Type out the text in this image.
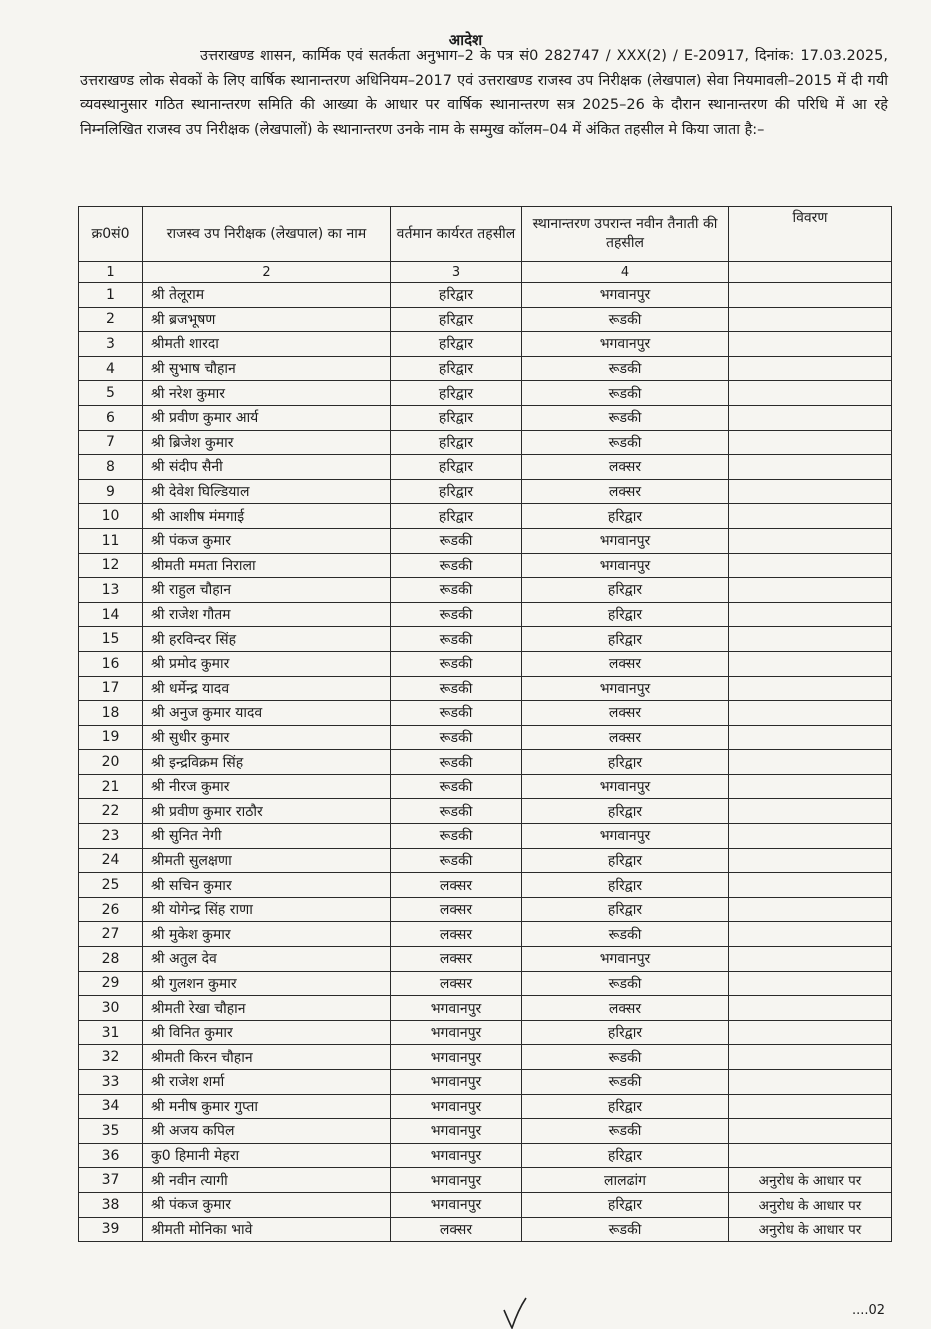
आदेश

उत्तराखण्ड शासन, कार्मिक एवं सतर्कता अनुभाग–2 के पत्र सं0 282747 / XXX(2) / E-20917, दिनांक: 17.03.2025, उत्तराखण्ड लोक सेवकों के लिए वार्षिक स्थानान्तरण अधिनियम–2017 एवं उत्तराखण्ड राजस्व उप निरीक्षक (लेखपाल) सेवा नियमावली–2015 में दी गयी व्यवस्थानुसार गठित स्थानान्तरण समिति की आख्या के आधार पर वार्षिक स्थानान्तरण सत्र 2025–26 के दौरान स्थानान्तरण की परिधि में आ रहे निम्नलिखित राजस्व उप निरीक्षक (लेखपालों) के स्थानान्तरण उनके नाम के सम्मुख कॉलम–04 में अंकित तहसील मे किया जाता है:–

क्र0सं0	राजस्व उप निरीक्षक (लेखपाल) का नाम	वर्तमान कार्यरत तहसील	स्थानान्तरण उपरान्त नवीन तैनाती की तहसील	विवरण
1	2	3	4	
1	श्री तेलूराम	हरिद्वार	भगवानपुर	
2	श्री ब्रजभूषण	हरिद्वार	रूडकी	
3	श्रीमती शारदा	हरिद्वार	भगवानपुर	
4	श्री सुभाष चौहान	हरिद्वार	रूडकी	
5	श्री नरेश कुमार	हरिद्वार	रूडकी	
6	श्री प्रवीण कुमार आर्य	हरिद्वार	रूडकी	
7	श्री ब्रिजेश कुमार	हरिद्वार	रूडकी	
8	श्री संदीप सैनी	हरिद्वार	लक्सर	
9	श्री देवेश घिल्डियाल	हरिद्वार	लक्सर	
10	श्री आशीष मंमगाई	हरिद्वार	हरिद्वार	
11	श्री पंकज कुमार	रूडकी	भगवानपुर	
12	श्रीमती ममता निराला	रूडकी	भगवानपुर	
13	श्री राहुल चौहान	रूडकी	हरिद्वार	
14	श्री राजेश गौतम	रूडकी	हरिद्वार	
15	श्री हरविन्दर सिंह	रूडकी	हरिद्वार	
16	श्री प्रमोद कुमार	रूडकी	लक्सर	
17	श्री धर्मेन्द्र यादव	रूडकी	भगवानपुर	
18	श्री अनुज कुमार यादव	रूडकी	लक्सर	
19	श्री सुधीर कुमार	रूडकी	लक्सर	
20	श्री इन्द्रविक्रम सिंह	रूडकी	हरिद्वार	
21	श्री नीरज कुमार	रूडकी	भगवानपुर	
22	श्री प्रवीण कुमार राठौर	रूडकी	हरिद्वार	
23	श्री सुनित नेगी	रूडकी	भगवानपुर	
24	श्रीमती सुलक्षणा	रूडकी	हरिद्वार	
25	श्री सचिन कुमार	लक्सर	हरिद्वार	
26	श्री योगेन्द्र सिंह राणा	लक्सर	हरिद्वार	
27	श्री मुकेश कुमार	लक्सर	रूडकी	
28	श्री अतुल देव	लक्सर	भगवानपुर	
29	श्री गुलशन कुमार	लक्सर	रूडकी	
30	श्रीमती रेखा चौहान	भगवानपुर	लक्सर	
31	श्री विनित कुमार	भगवानपुर	हरिद्वार	
32	श्रीमती किरन चौहान	भगवानपुर	रूडकी	
33	श्री राजेश शर्मा	भगवानपुर	रूडकी	
34	श्री मनीष कुमार गुप्ता	भगवानपुर	हरिद्वार	
35	श्री अजय कपिल	भगवानपुर	रूडकी	
36	कु0 हिमानी मेहरा	भगवानपुर	हरिद्वार	
37	श्री नवीन त्यागी	भगवानपुर	लालढांग	अनुरोध के आधार पर
38	श्री पंकज कुमार	भगवानपुर	हरिद्वार	अनुरोध के आधार पर
39	श्रीमती मोनिका भावे	लक्सर	रूडकी	अनुरोध के आधार पर
....02
